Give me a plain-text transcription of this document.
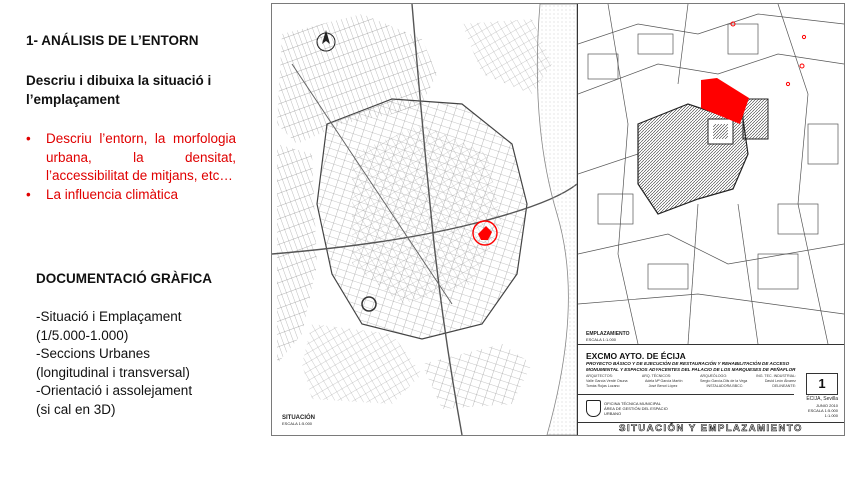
1- ANÁLISIS DE L’ENTORN
Descriu i dibuixa la situació i l’emplaçament
• Descriu l’entorn, la morfologia urbana, la densitat, l’accessibilitat de mitjans, etc…
• La influencia climàtica
DOCUMENTACIÓ GRÀFICA
-Situació i Emplaçament
(1/5.000-1.000)
-Seccions Urbanes
(longitudinal i transversal)
-Orientació i assolejament
(si cal en 3D)
SITUACIÓN
ESCALA 1:5.000
EMPLAZAMIENTO
ESCALA 1:1.000
EXCMO AYTO. DE ÉCIJA
PROYECTO BÁSICO Y DE EJECUCIÓN DE RESTAURACIÓN Y REHABILITACIÓN DE ACCESO
MONUMENTAL Y ESPACIOS ADYACENTES DEL PALACIO DE LOS MARQUESES DE PEÑAFLOR
ARQUITECTOS:	ARQ. TÉCNICOS:	ARQUEÓLOGO:	ING. TEC. INDUSTRIAL:
Valle García Verdé Osuna	Adela Mª García Martín	Sergio García-Dils de la Vega	David León Álvarez
Tomás Rojas Lozano	José Benot López	INSTALADORA BBCC:	DELINEANTE:	1
ÉCIJA, Sevilla
OFICINA TÉCNICA MUNICIPAL
ÁREA DE GESTIÓN DEL ESPACIO
URBANO
JUNIO 2010
ESCALA 1:5.000
1:1.000
SITUACIÓN Y EMPLAZAMIENTO
